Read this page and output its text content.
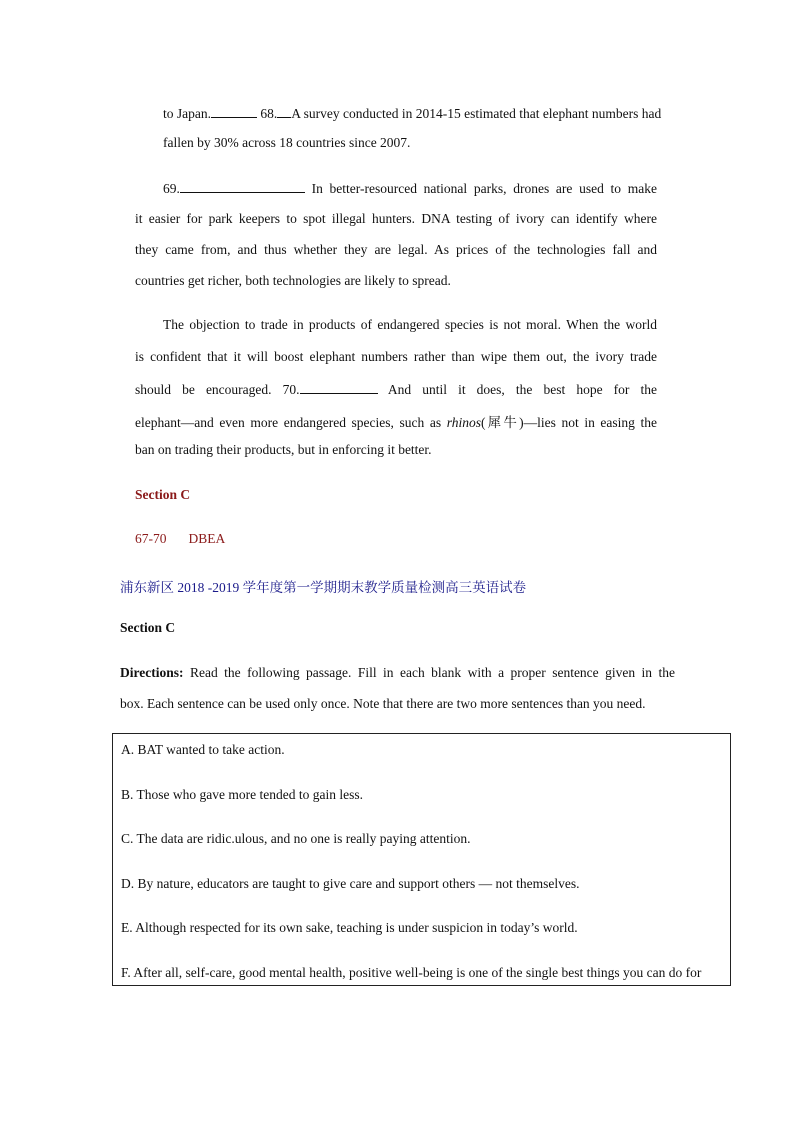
to Japan.	68. A survey conducted in 2014-15 estimated that elephant numbers had
fallen by 30% across 18 countries since 2007.
69.	In better-resourced national parks, drones are used to make
it easier for park keepers to spot illegal hunters. DNA testing of ivory can identify where
they came from, and thus whether they are legal. As prices of the technologies fall and
countries get richer, both technologies are likely to spread.
The objection to trade in products of endangered species is not moral. When the world
is confident that it will boost elephant numbers rather than wipe them out, the ivory trade
should be encouraged. 70.	And until it does, the best hope for the
elephant—and even more endangered species, such as rhinos(犀牛)—lies not in easing the
ban on trading their products, but in enforcing it better.
Section C
67-70 DBEA
浦东新区 2018 -2019 学年度第一学期期末教学质量检测高三英语试卷
Section C
Directions: Read the following passage. Fill in each blank with a proper sentence given in the
box. Each sentence can be used only once. Note that there are two more sentences than you need.
A. BAT wanted to take action.
B. Those who gave more tended to gain less.
C. The data are ridic.ulous, and no one is really paying attention.
D. By nature, educators are taught to give care and support others — not themselves.
E. Although respected for its own sake, teaching is under suspicion in today’s world.
F. After all, self-care, good mental health, positive well-being is one of the single best things you can do for
